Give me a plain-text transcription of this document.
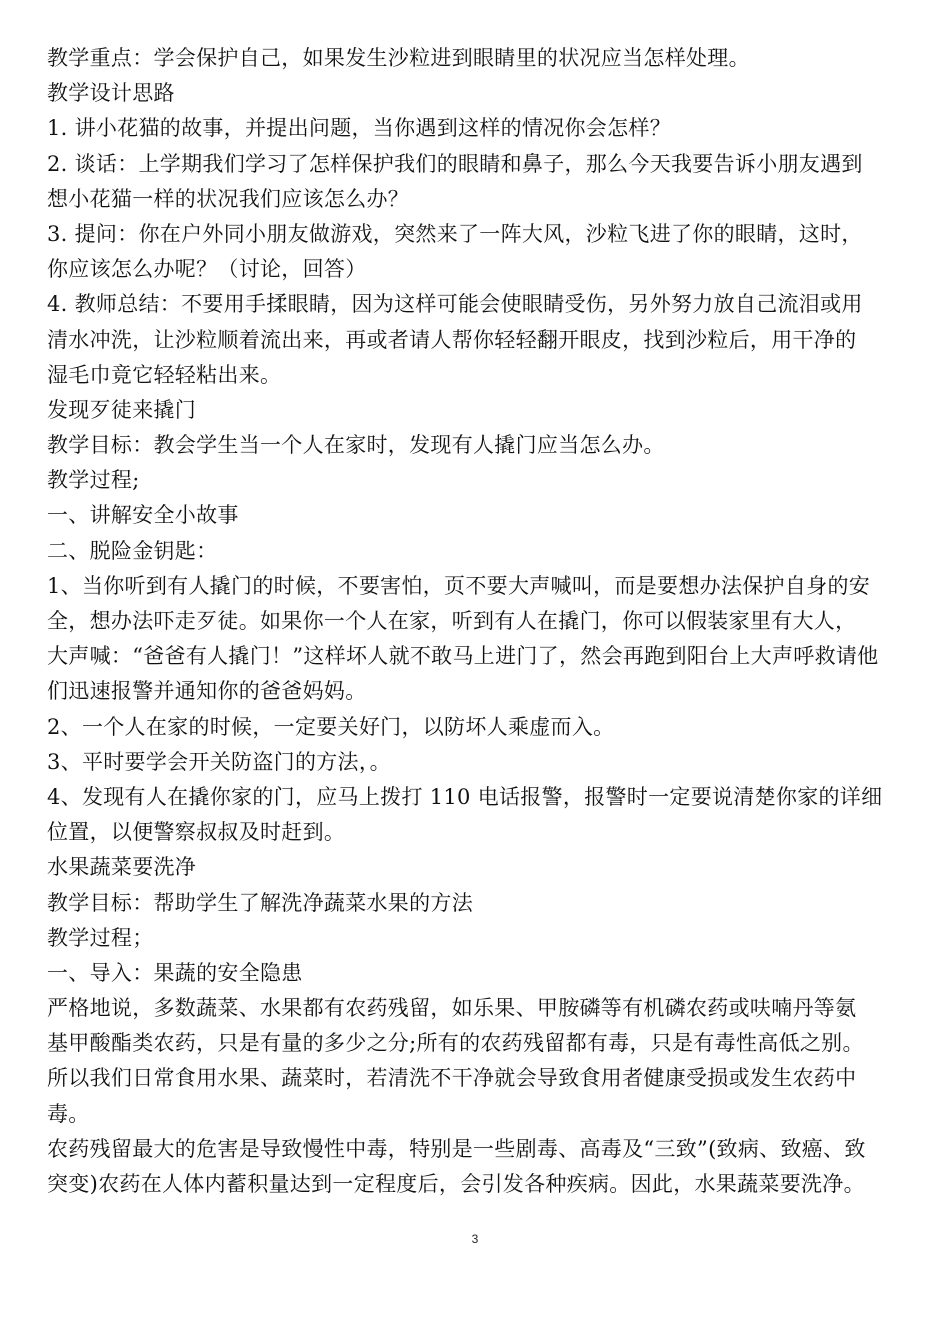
教学重点：学会保护自己，如果发生沙粒进到眼睛里的状况应当怎样处理。
教学设计思路
1. 讲小花猫的故事，并提出问题，当你遇到这样的情况你会怎样？
2. 谈话：上学期我们学习了怎样保护我们的眼睛和鼻子，那么今天我要告诉小朋友遇到
想小花猫一样的状况我们应该怎么办？
3. 提问：你在户外同小朋友做游戏，突然来了一阵大风，沙粒飞进了你的眼睛，这时，
你应该怎么办呢？（讨论，回答）
4. 教师总结：不要用手揉眼睛，因为这样可能会使眼睛受伤，另外努力放自己流泪或用
清水冲洗，让沙粒顺着流出来，再或者请人帮你轻轻翻开眼皮，找到沙粒后，用干净的
湿毛巾竟它轻轻粘出来。
发现歹徒来撬门
教学目标：教会学生当一个人在家时，发现有人撬门应当怎么办。
教学过程;
一、讲解安全小故事
二、脱险金钥匙：
1、当你听到有人撬门的时候，不要害怕，页不要大声喊叫，而是要想办法保护自身的安
全，想办法吓走歹徒。如果你一个人在家，听到有人在撬门，你可以假装家里有大人，
大声喊：“爸爸有人撬门！”这样坏人就不敢马上进门了，然会再跑到阳台上大声呼救请他
们迅速报警并通知你的爸爸妈妈。
2、一个人在家的时候，一定要关好门，以防坏人乘虚而入。
3、平时要学会开关防盗门的方法，。
4、发现有人在撬你家的门，应马上拨打 110 电话报警，报警时一定要说清楚你家的详细
位置，以便警察叔叔及时赶到。
水果蔬菜要洗净
教学目标：帮助学生了解洗净蔬菜水果的方法
教学过程；
一、导入：果蔬的安全隐患
严格地说，多数蔬菜、水果都有农药残留，如乐果、甲胺磷等有机磷农药或呋喃丹等氨
基甲酸酯类农药，只是有量的多少之分;所有的农药残留都有毒，只是有毒性高低之别。
所以我们日常食用水果、蔬菜时，若清洗不干净就会导致食用者健康受损或发生农药中
毒。
农药残留最大的危害是导致慢性中毒，特别是一些剧毒、高毒及“三致”(致病、致癌、致
突变)农药在人体内蓄积量达到一定程度后，会引发各种疾病。因此，水果蔬菜要洗净。
3
